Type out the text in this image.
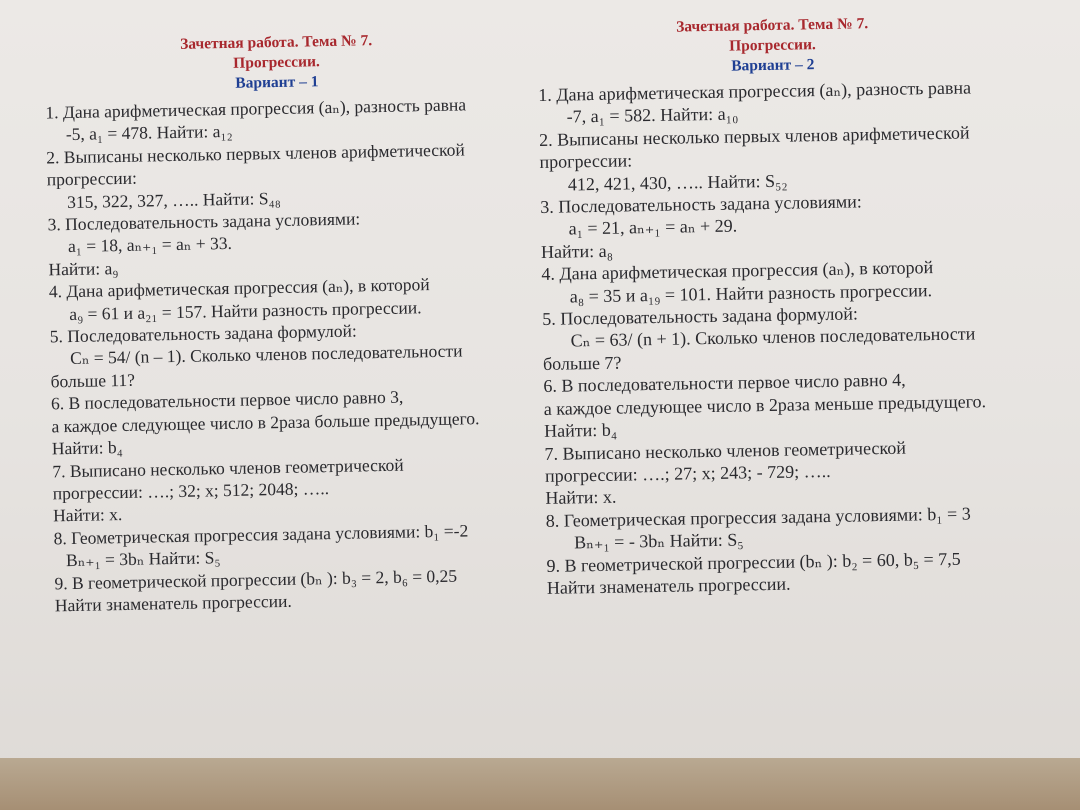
Зачетная работа. Тема № 7.
Прогрессии.
Вариант – 1
1. Дана арифметическая прогрессия (aₙ), разность равна
-5, a₁ = 478. Найти: a₁₂
2. Выписаны несколько первых членов арифметической
прогрессии:
315, 322, 327, ….. Найти: S₄₈
3. Последовательность задана условиями:
a₁ = 18, aₙ₊₁ = aₙ + 33.
Найти: a₉
4. Дана арифметическая прогрессия (aₙ), в которой
a₉ = 61 и a₂₁ = 157. Найти разность прогрессии.
5. Последовательность задана формулой:
Cₙ = 54/ (n – 1). Сколько членов последовательности
больше 11?
6. В последовательности первое число равно 3,
а каждое следующее число в 2раза больше предыдущего.
Найти: b₄
7. Выписано несколько членов геометрической
прогрессии: ….; 32; x; 512; 2048; …..
Найти: x.
8. Геометрическая прогрессия задана условиями: b₁ =-2
Bₙ₊₁ = 3bₙ Найти: S₅
9. В геометрической прогрессии (bₙ ): b₃ = 2, b₆ = 0,25
Найти знаменатель прогрессии.
Зачетная работа. Тема № 7.
Прогрессии.
Вариант – 2
1. Дана арифметическая прогрессия (aₙ), разность равна
-7, a₁ = 582. Найти: a₁₀
2. Выписаны несколько первых членов арифметической
прогрессии:
412, 421, 430, ….. Найти: S₅₂
3. Последовательность задана условиями:
a₁ = 21, aₙ₊₁ = aₙ + 29.
Найти: a₈
4. Дана арифметическая прогрессия (aₙ), в которой
a₈ = 35 и a₁₉ = 101. Найти разность прогрессии.
5. Последовательность задана формулой:
Cₙ = 63/ (n + 1). Сколько членов последовательности
больше 7?
6. В последовательности первое число равно 4,
а каждое следующее число в 2раза меньше предыдущего.
Найти: b₄
7. Выписано несколько членов геометрической
прогрессии: ….; 27; x; 243; - 729; …..
Найти: x.
8. Геометрическая прогрессия задана условиями: b₁ = 3
Bₙ₊₁ = - 3bₙ Найти: S₅
9. В геометрической прогрессии (bₙ ): b₂ = 60, b₅ = 7,5
Найти знаменатель прогрессии.
